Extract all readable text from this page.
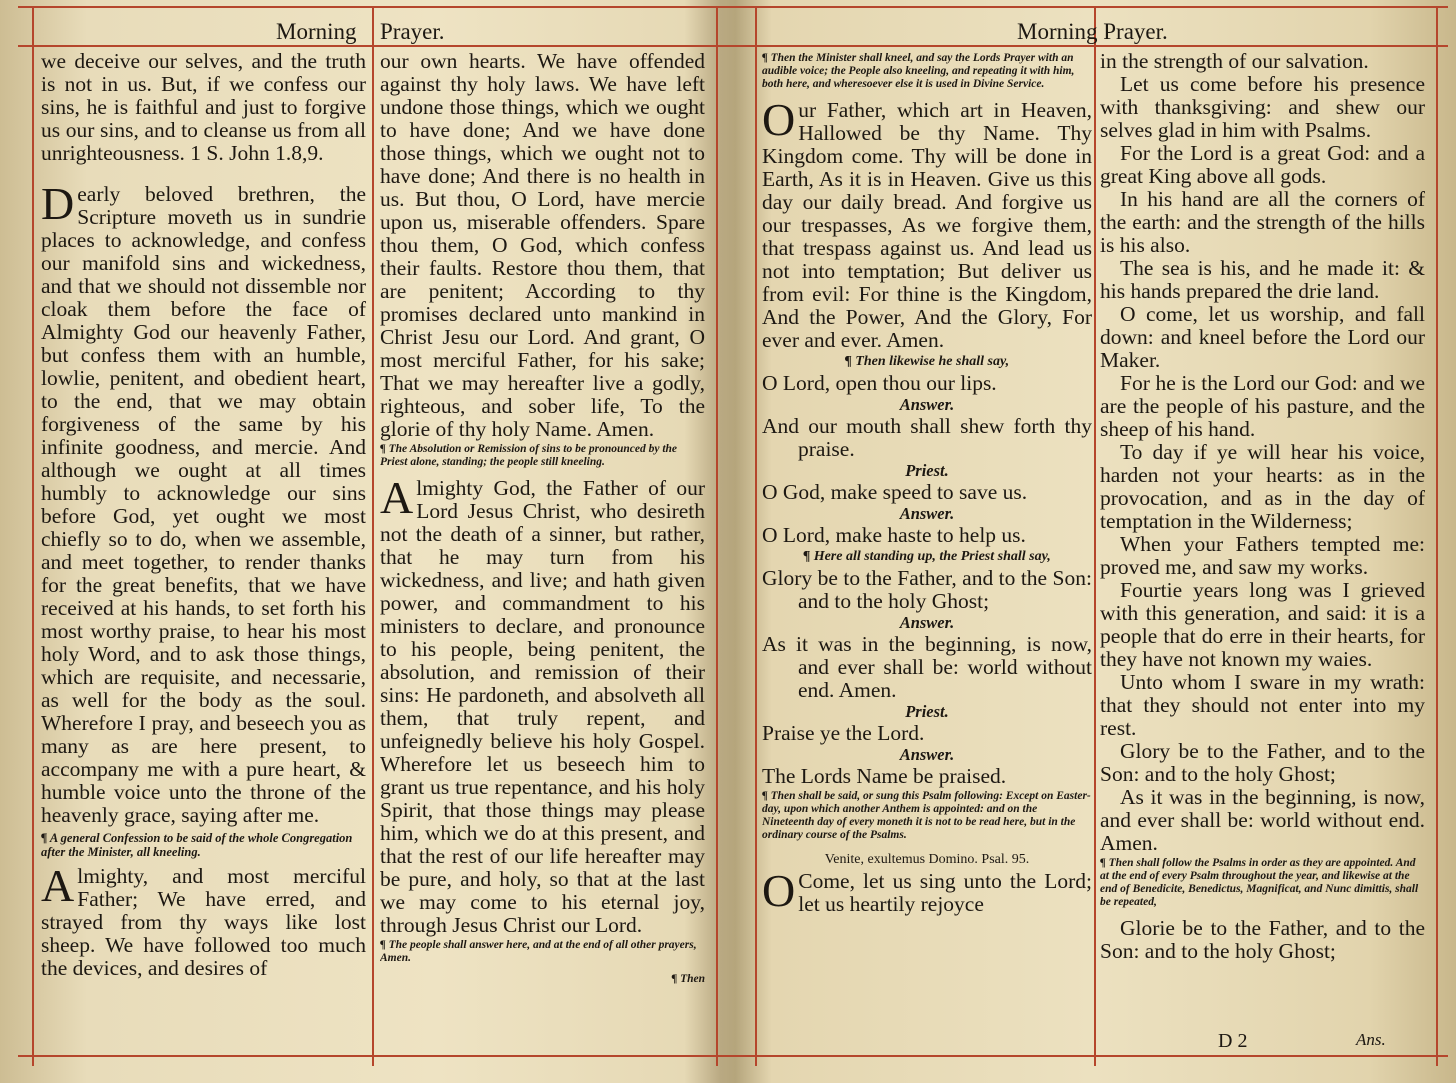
Morning Prayer.	Morning Prayer.

we deceive our selves, and the truth is not in us. But, if we confess our sins, he is faithful and just to forgive us our sins, and to cleanse us from all unrighteousness. 1 S. John 1.8,9.

Dearly beloved brethren, the Scripture moveth us in sundrie places to acknowledge, and confess our manifold sins and wickedness, and that we should not dissemble nor cloak them before the face of Almighty God our heavenly Father, but confess them with an humble, lowlie, penitent, and obedient heart, to the end, that we may obtain forgiveness of the same by his infinite goodness, and mercie. And although we ought at all times humbly to acknowledge our sins before God, yet ought we most chiefly so to do, when we assemble, and meet together, to render thanks for the great benefits, that we have received at his hands, to set forth his most worthy praise, to hear his most holy Word, and to ask those things, which are requisite, and necessarie, as well for the body as the soul. Wherefore I pray, and beseech you as many as are here present, to accompany me with a pure heart, & humble voice unto the throne of the heavenly grace, saying after me.

¶ A general Confession to be said of the whole Congregation after the Minister, all kneeling.

Almighty, and most merciful Father; We have erred, and strayed from thy ways like lost sheep. We have followed too much the devices, and desires of

our own hearts. We have offended against thy holy laws. We have left undone those things, which we ought to have done; And we have done those things, which we ought not to have done; And there is no health in us. But thou, O Lord, have mercie upon us, miserable offenders. Spare thou them, O God, which confess their faults. Restore thou them, that are penitent; According to thy promises declared unto mankind in Christ Jesu our Lord. And grant, O most merciful Father, for his sake; That we may hereafter live a godly, righteous, and sober life, To the glorie of thy holy Name. Amen.

¶ The Absolution or Remission of sins to be pronounced by the Priest alone, standing; the people still kneeling.

Almighty God, the Father of our Lord Jesus Christ, who desireth not the death of a sinner, but rather, that he may turn from his wickedness, and live; and hath given power, and commandment to his ministers to declare, and pronounce to his people, being penitent, the absolution, and remission of their sins: He pardoneth, and absolveth all them, that truly repent, and unfeignedly believe his holy Gospel. Wherefore let us beseech him to grant us true repentance, and his holy Spirit, that those things may please him, which we do at this present, and that the rest of our life hereafter may be pure, and holy, so that at the last we may come to his eternal joy, through Jesus Christ our Lord.

¶ The people shall answer here, and at the end of all other prayers, Amen.

¶ Then

¶ Then the Minister shall kneel, and say the Lords Prayer with an audible voice; the People also kneeling, and repeating it with him, both here, and wheresoever else it is used in Divine Service.

Our Father, which art in Heaven, Hallowed be thy Name. Thy Kingdom come. Thy will be done in Earth, As it is in Heaven. Give us this day our daily bread. And forgive us our trespasses, As we forgive them, that trespass against us. And lead us not into temptation; But deliver us from evil: For thine is the Kingdom, And the Power, And the Glory, For ever and ever. Amen.

¶ Then likewise he shall say,

O Lord, open thou our lips.

Answer.

And our mouth shall shew forth thy praise.

Priest.

O God, make speed to save us.

Answer.

O Lord, make haste to help us.

¶ Here all standing up, the Priest shall say,

Glory be to the Father, and to the Son: and to the holy Ghost;

Answer.

As it was in the beginning, is now, and ever shall be: world without end. Amen.

Priest.

Praise ye the Lord.

Answer.

The Lords Name be praised.

¶ Then shall be said, or sung this Psalm following: Except on Easter-day, upon which another Anthem is appointed: and on the Nineteenth day of every moneth it is not to be read here, but in the ordinary course of the Psalms.

Venite, exultemus Domino. Psal. 95.

OCome, let us sing unto the Lord; let us heartily rejoyce

in the strength of our salvation.

Let us come before his presence with thanksgiving: and shew our selves glad in him with Psalms.

For the Lord is a great God: and a great King above all gods.

In his hand are all the corners of the earth: and the strength of the hills is his also.

The sea is his, and he made it: & his hands prepared the drie land.

O come, let us worship, and fall down: and kneel before the Lord our Maker.

For he is the Lord our God: and we are the people of his pasture, and the sheep of his hand.

To day if ye will hear his voice, harden not your hearts: as in the provocation, and as in the day of temptation in the Wilderness;

When your Fathers tempted me: proved me, and saw my works.

Fourtie years long was I grieved with this generation, and said: it is a people that do erre in their hearts, for they have not known my waies.

Unto whom I sware in my wrath: that they should not enter into my rest.

Glory be to the Father, and to the Son: and to the holy Ghost;

As it was in the beginning, is now, and ever shall be: world without end. Amen.

¶ Then shall follow the Psalms in order as they are appointed. And at the end of every Psalm throughout the year, and likewise at the end of Benedicite, Benedictus, Magnificat, and Nunc dimittis, shall be repeated,

Glorie be to the Father, and to the Son: and to the holy Ghost;

D 2	Ans.
